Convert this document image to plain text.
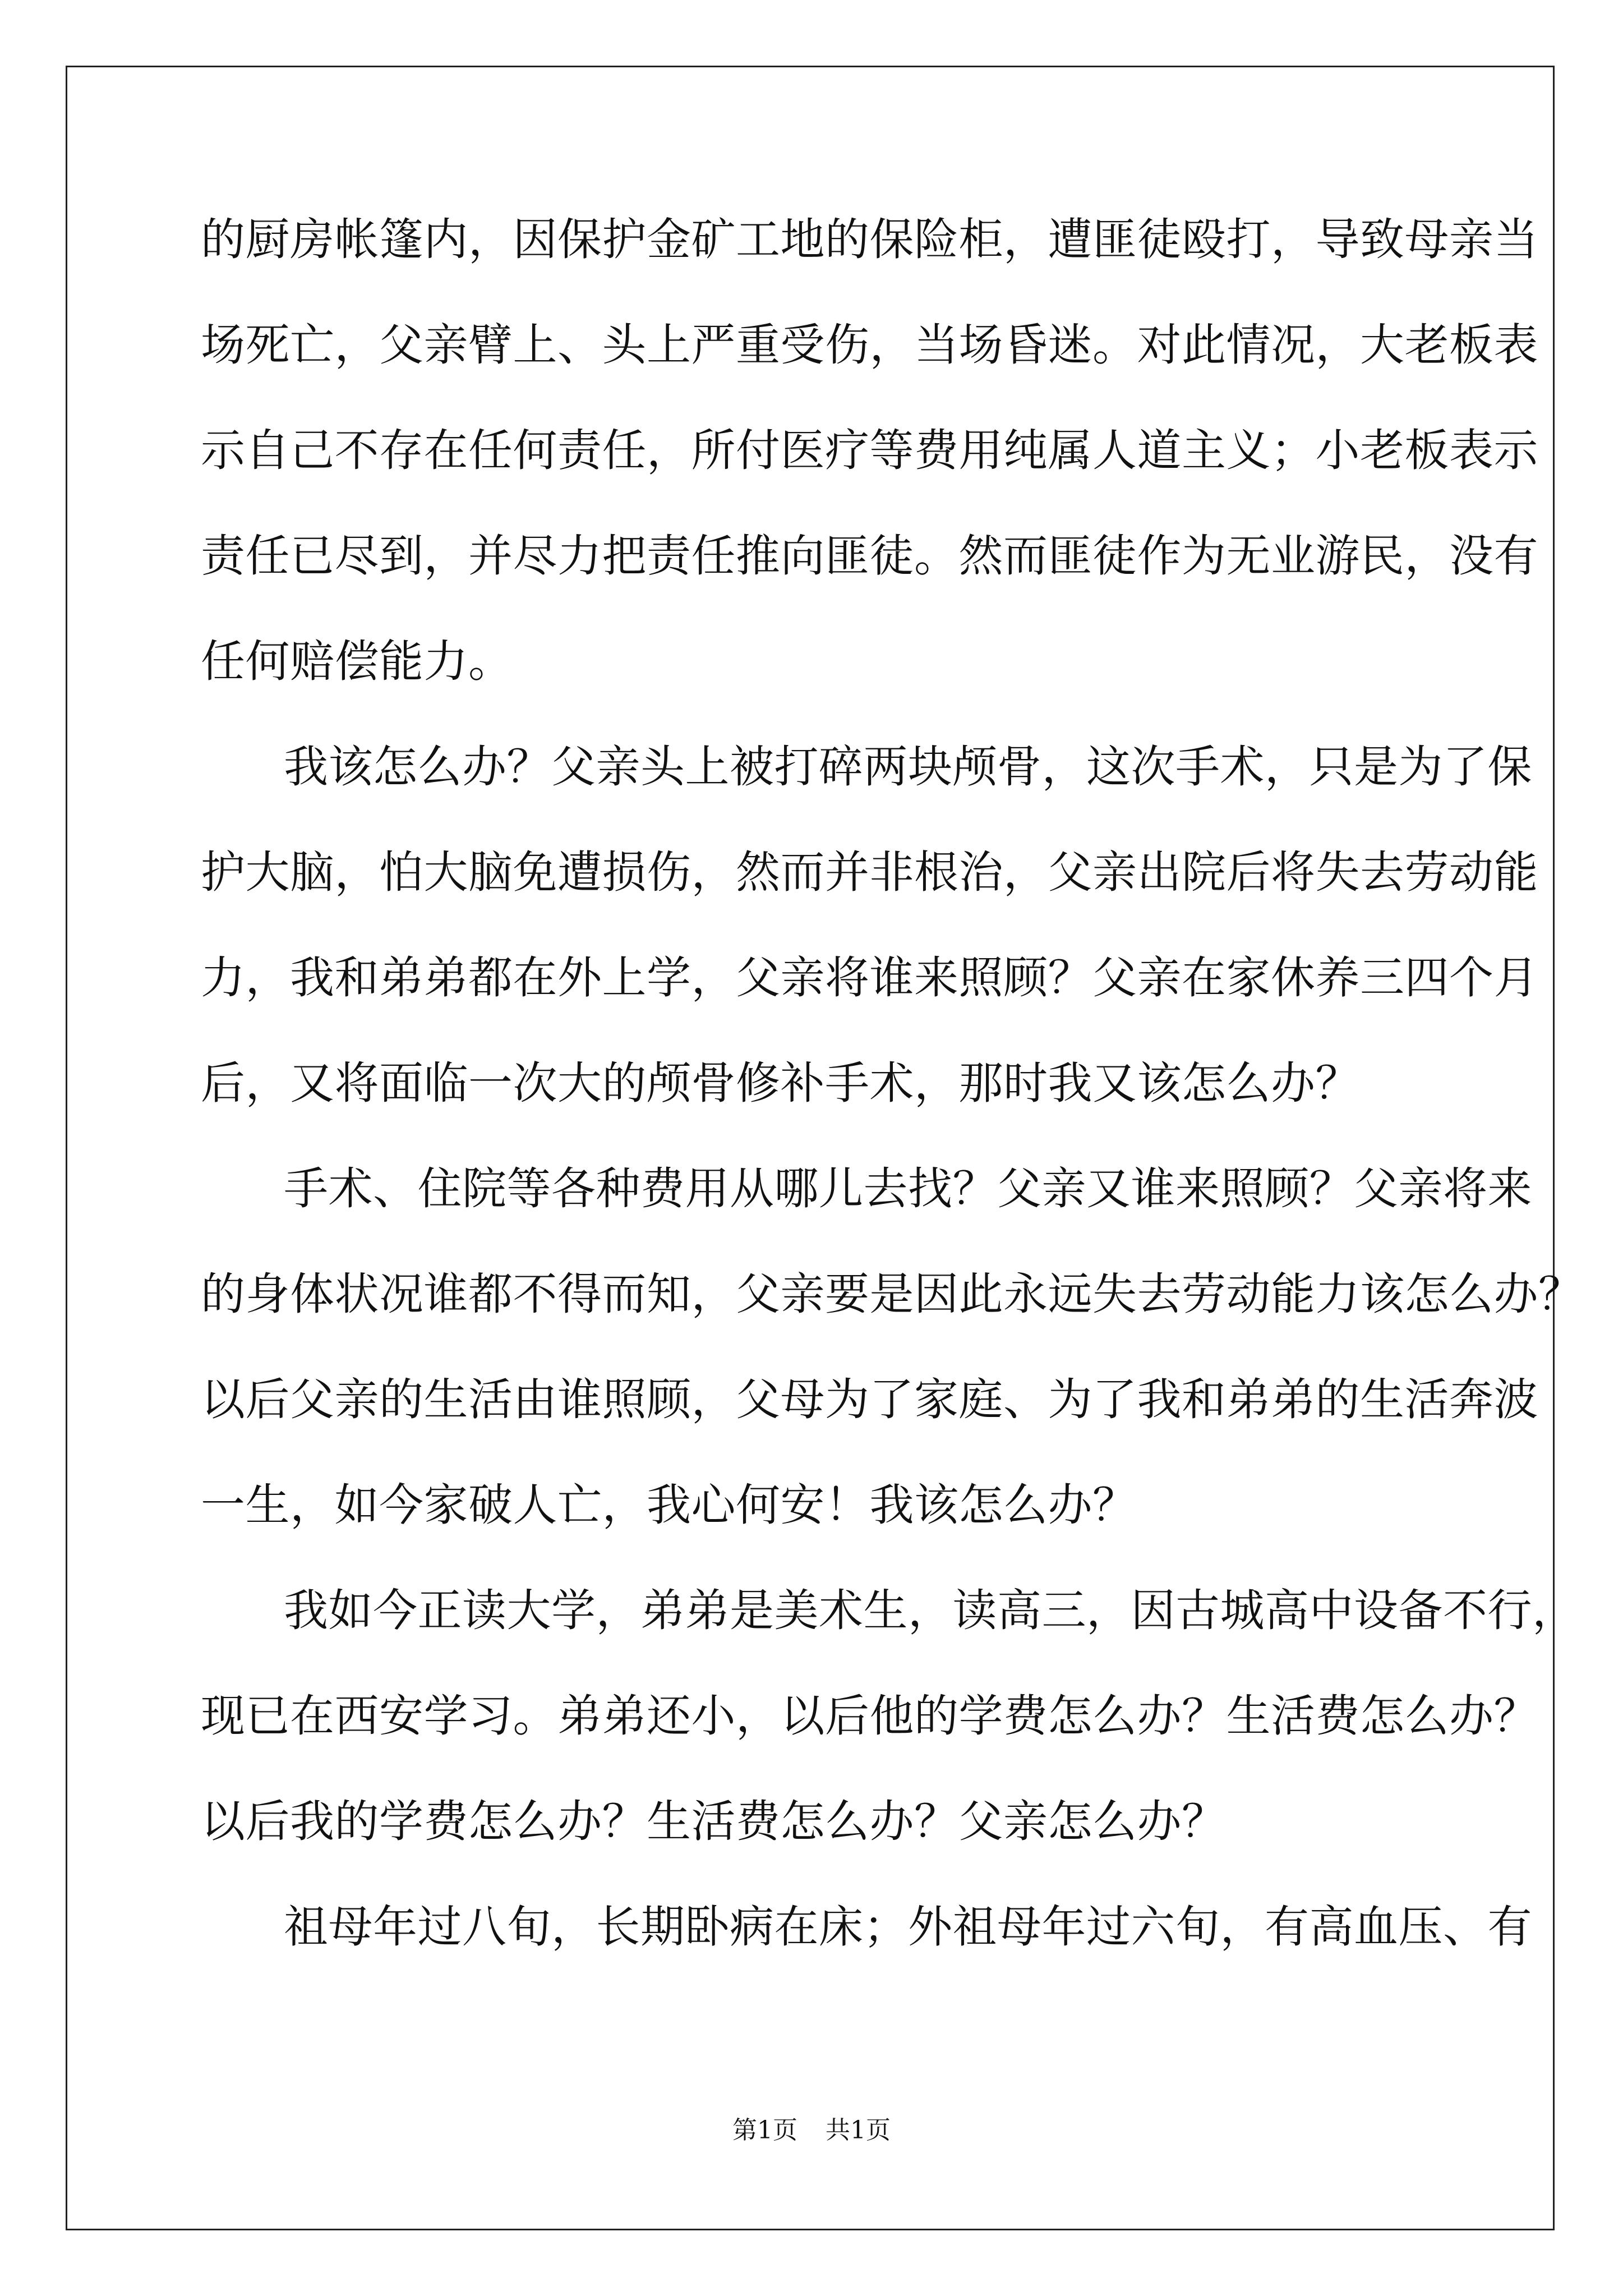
的厨房帐篷内，因保护金矿工地的保险柜，遭匪徒殴打，导致母亲当
场死亡，父亲臂上、头上严重受伤，当场昏迷。对此情况，大老板表
示自己不存在任何责任，所付医疗等费用纯属人道主义；小老板表示
责任已尽到，并尽力把责任推向匪徒。然而匪徒作为无业游民，没有
任何赔偿能力。
我该怎么办？父亲头上被打碎两块颅骨，这次手术，只是为了保
护大脑，怕大脑免遭损伤，然而并非根治，父亲出院后将失去劳动能
力，我和弟弟都在外上学，父亲将谁来照顾？父亲在家休养三四个月
后，又将面临一次大的颅骨修补手术，那时我又该怎么办？
手术、住院等各种费用从哪儿去找？父亲又谁来照顾？父亲将来
的身体状况谁都不得而知，父亲要是因此永远失去劳动能力该怎么办？
以后父亲的生活由谁照顾，父母为了家庭、为了我和弟弟的生活奔波
一生，如今家破人亡，我心何安！我该怎么办？
我如今正读大学，弟弟是美术生，读高三，因古城高中设备不行，
现已在西安学习。弟弟还小，以后他的学费怎么办？生活费怎么办？
以后我的学费怎么办？生活费怎么办？父亲怎么办？
祖母年过八旬，长期卧病在床；外祖母年过六旬，有高血压、有
第1页 共1页
